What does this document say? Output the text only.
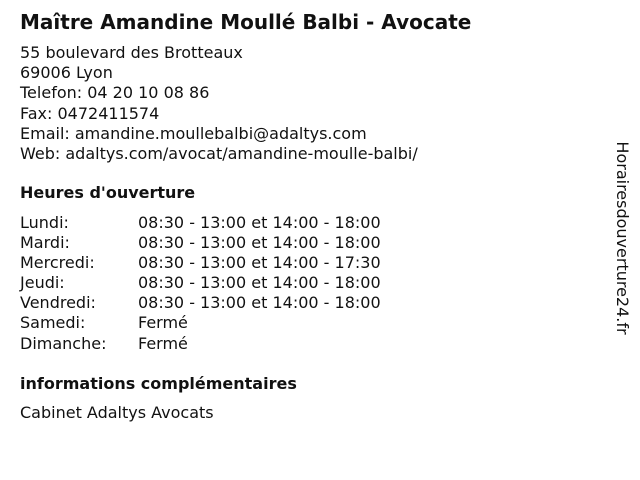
Maître Amandine Moullé Balbi - Avocate
55 boulevard des Brotteaux
69006 Lyon
Telefon: 04 20 10 08 86
Fax: 0472411574
Email: amandine.moullebalbi@adaltys.com
Web: adaltys.com/avocat/amandine-moulle-balbi/
Heures d'ouverture
Lundi:	08:30 - 13:00 et 14:00 - 18:00
Mardi:	08:30 - 13:00 et 14:00 - 18:00
Mercredi:	08:30 - 13:00 et 14:00 - 17:30
Jeudi:	08:30 - 13:00 et 14:00 - 18:00
Vendredi:	08:30 - 13:00 et 14:00 - 18:00
Samedi:	Fermé
Dimanche: Fermé
informations complémentaires
Cabinet Adaltys Avocats
Horairesdouverture24.fr
